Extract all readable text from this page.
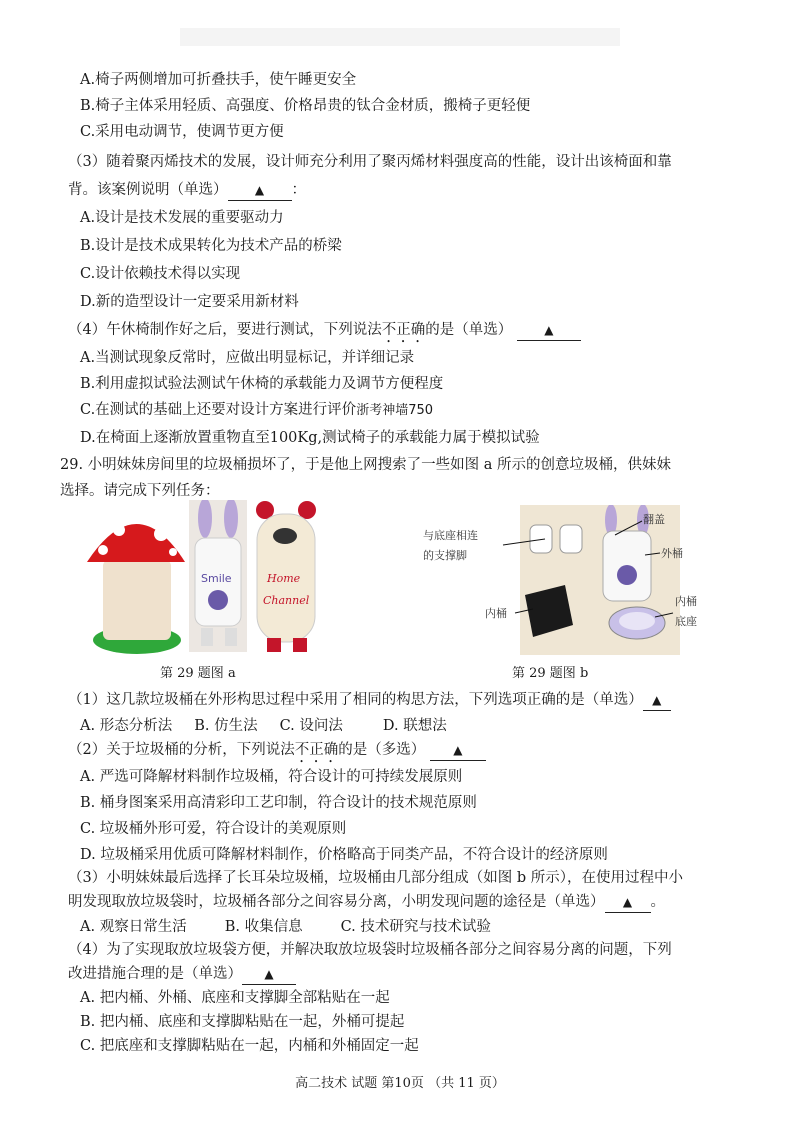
A.椅子两侧增加可折叠扶手，使午睡更安全
B.椅子主体采用轻质、高强度、价格昂贵的钛合金材质，搬椅子更轻便
C.采用电动调节，使调节更方便
（3）随着聚丙烯技术的发展，设计师充分利用了聚丙烯材料强度高的性能，设计出该椅面和靠
背。该案例说明（单选） ▲ ：
A.设计是技术发展的重要驱动力
B.设计是技术成果转化为技术产品的桥梁
C.设计依赖技术得以实现
D.新的造型设计一定要采用新材料
（4）午休椅制作好之后，要进行测试，下列说法不正确的是（单选）	▲
A.当测试现象反常时，应做出明显标记，并详细记录
B.利用虚拟试验法测试午休椅的承载能力及调节方便程度
C.在测试的基础上还要对设计方案进行评价浙考神墙750
D.在椅面上逐渐放置重物直至100Kg,测试椅子的承载能力属于模拟试验
29. 小明妹妹房间里的垃圾桶损坏了，于是他上网搜索了一些如图 a 所示的创意垃圾桶，供妹妹
选择。请完成下列任务：
Smile	Home
Channel
第 29 题图 a
与底座相连
的支撑脚
翻盖
外桶
内桶
内桶
底座
第 29 题图 b
（1）这几款垃圾桶在外形构思过程中采用了相同的构思方法，下列选项正确的是（单选） ▲
A. 形态分析法 B. 仿生法 C. 设问法	D. 联想法
（2）关于垃圾桶的分析，下列说法不正确的是（多选） ▲
A. 严选可降解材料制作垃圾桶，符合设计的可持续发展原则
B. 桶身图案采用高清彩印工艺印制，符合设计的技术规范原则
C. 垃圾桶外形可爱，符合设计的美观原则
D. 垃圾桶采用优质可降解材料制作，价格略高于同类产品，不符合设计的经济原则
（3）小明妹妹最后选择了长耳朵垃圾桶，垃圾桶由几部分组成（如图 b 所示），在使用过程中小
明发现取放垃圾袋时，垃圾桶各部分之间容易分离，小明发现问题的途径是（单选） ▲ 。
A. 观察日常生活	B. 收集信息	C. 技术研究与技术试验
（4）为了实现取放垃圾袋方便，并解决取放垃圾袋时垃圾桶各部分之间容易分离的问题，下列
改进措施合理的是（单选） ▲
A. 把内桶、外桶、底座和支撑脚全部粘贴在一起
B. 把内桶、底座和支撑脚粘贴在一起，外桶可提起
C. 把底座和支撑脚粘贴在一起，内桶和外桶固定一起
高二技术 试题 第10页 （共 11 页）
